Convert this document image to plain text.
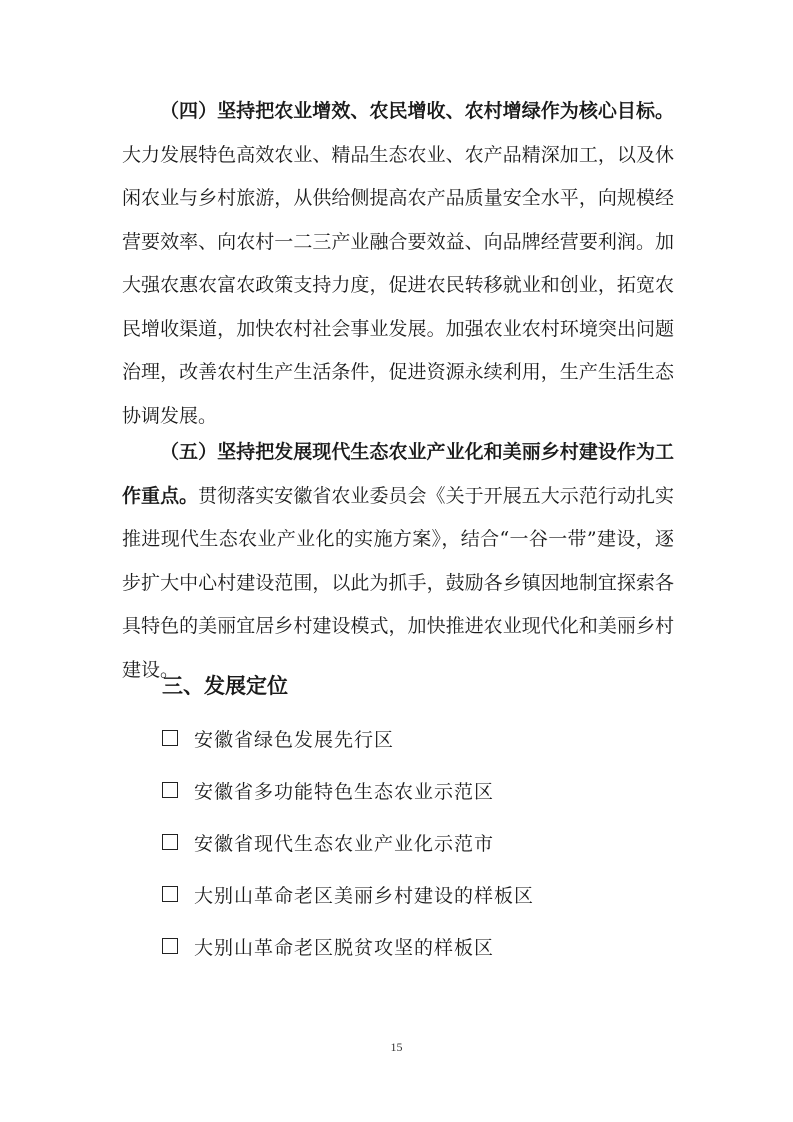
（四）坚持把农业增效、农民增收、农村增绿作为核心目标。大力发展特色高效农业、精品生态农业、农产品精深加工，以及休闲农业与乡村旅游，从供给侧提高农产品质量安全水平，向规模经营要效率、向农村一二三产业融合要效益、向品牌经营要利润。加大强农惠农富农政策支持力度，促进农民转移就业和创业，拓宽农民增收渠道，加快农村社会事业发展。加强农业农村环境突出问题治理，改善农村生产生活条件，促进资源永续利用，生产生活生态协调发展。

（五）坚持把发展现代生态农业产业化和美丽乡村建设作为工作重点。贯彻落实安徽省农业委员会《关于开展五大示范行动扎实推进现代生态农业产业化的实施方案》，结合“一谷一带”建设，逐步扩大中心村建设范围，以此为抓手，鼓励各乡镇因地制宜探索各具特色的美丽宜居乡村建设模式，加快推进农业现代化和美丽乡村建设。

三、发展定位
安徽省绿色发展先行区
安徽省多功能特色生态农业示范区
安徽省现代生态农业产业化示范市
大别山革命老区美丽乡村建设的样板区
大别山革命老区脱贫攻坚的样板区
15
